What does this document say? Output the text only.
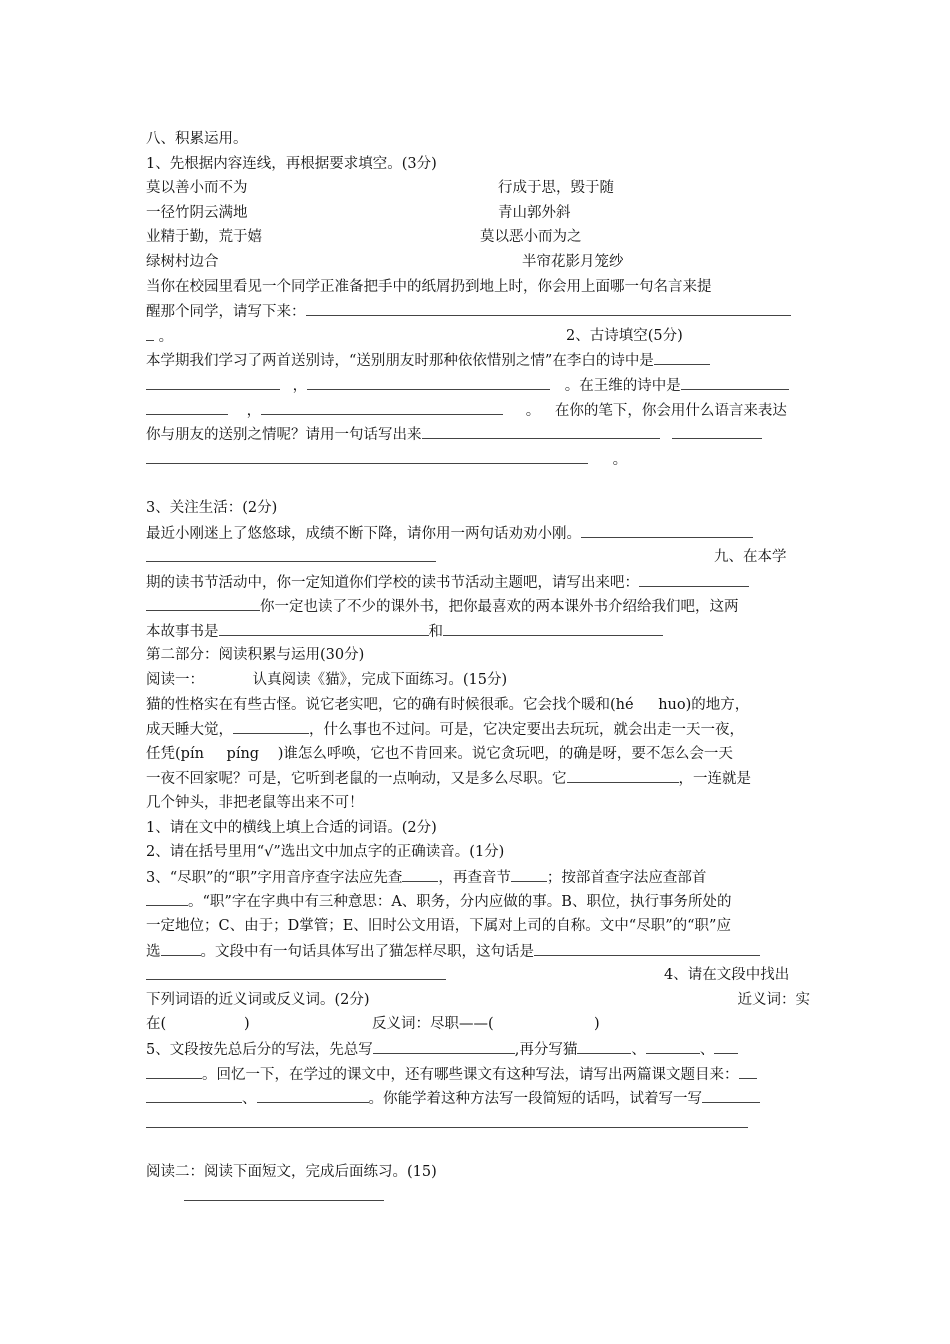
八、积累运用。
1、先根据内容连线，再根据要求填空。(3分)
莫以善小而不为	行成于思，毁于随
一径竹阴云满地	青山郭外斜
业精于勤，荒于嬉	莫以恶小而为之
绿树村边合	半帘花影月笼纱
当你在校园里看见一个同学正准备把手中的纸屑扔到地上时，你会用上面哪一句名言来提
醒那个同学，请写下来：
。	2、古诗填空(5分)
本学期我们学习了两首送别诗，“送别朋友时那种依依惜别之情”在李白的诗中是
，	。在王维的诗中是
，	。 在你的笔下，你会用什么语言来表达
你与朋友的送别之情呢？请用一句话写出来
。
3、关注生活：(2分)
最近小刚迷上了悠悠球，成绩不断下降，请你用一两句话劝劝小刚。
九、在本学
期的读书节活动中，你一定知道你们学校的读书节活动主题吧，请写出来吧：
你一定也读了不少的课外书，把你最喜欢的两本课外书介绍给我们吧，这两
本故事书是	和
第二部分：阅读积累与运用(30分)
阅读一：	认真阅读《猫》，完成下面练习。(15分)
猫的性格实在有些古怪。说它老实吧，它的确有时候很乖。它会找个暖和(hé huo)的地方，
成天睡大觉，	，什么事也不过问。可是，它决定要出去玩玩，就会出走一天一夜，
任凭(pín píng )谁怎么呼唤，它也不肯回来。说它贪玩吧，的确是呀，要不怎么会一天
一夜不回家呢？可是，它听到老鼠的一点响动，又是多么尽职。它	，一连就是
几个钟头，非把老鼠等出来不可！
1、请在文中的横线上填上合适的词语。(2分)
2、请在括号里用“√”选出文中加点字的正确读音。(1分)
3、“尽职”的“职”字用音序查字法应先查 ，再查音节 ；按部首查字法应查部首
。“职”字在字典中有三种意思：A、职务，分内应做的事。B、职位，执行事务所处的
一定地位；C、由于；D掌管；E、旧时公文用语，下属对上司的自称。文中“尽职”的“职”应
选	。文段中有一句话具体写出了猫怎样尽职，这句话是
4、请在文段中找出
下列词语的近义词或反义词。(2分)	近义词：实
在(	)	反义词：尽职——(	)
5、文段按先总后分的写法，先总写	,再分写猫	、	、
。回忆一下，在学过的课文中，还有哪些课文有这种写法，请写出两篇课文题目来：
、	。你能学着这种方法写一段简短的话吗，试着写一写
阅读二：阅读下面短文，完成后面练习。(15)
